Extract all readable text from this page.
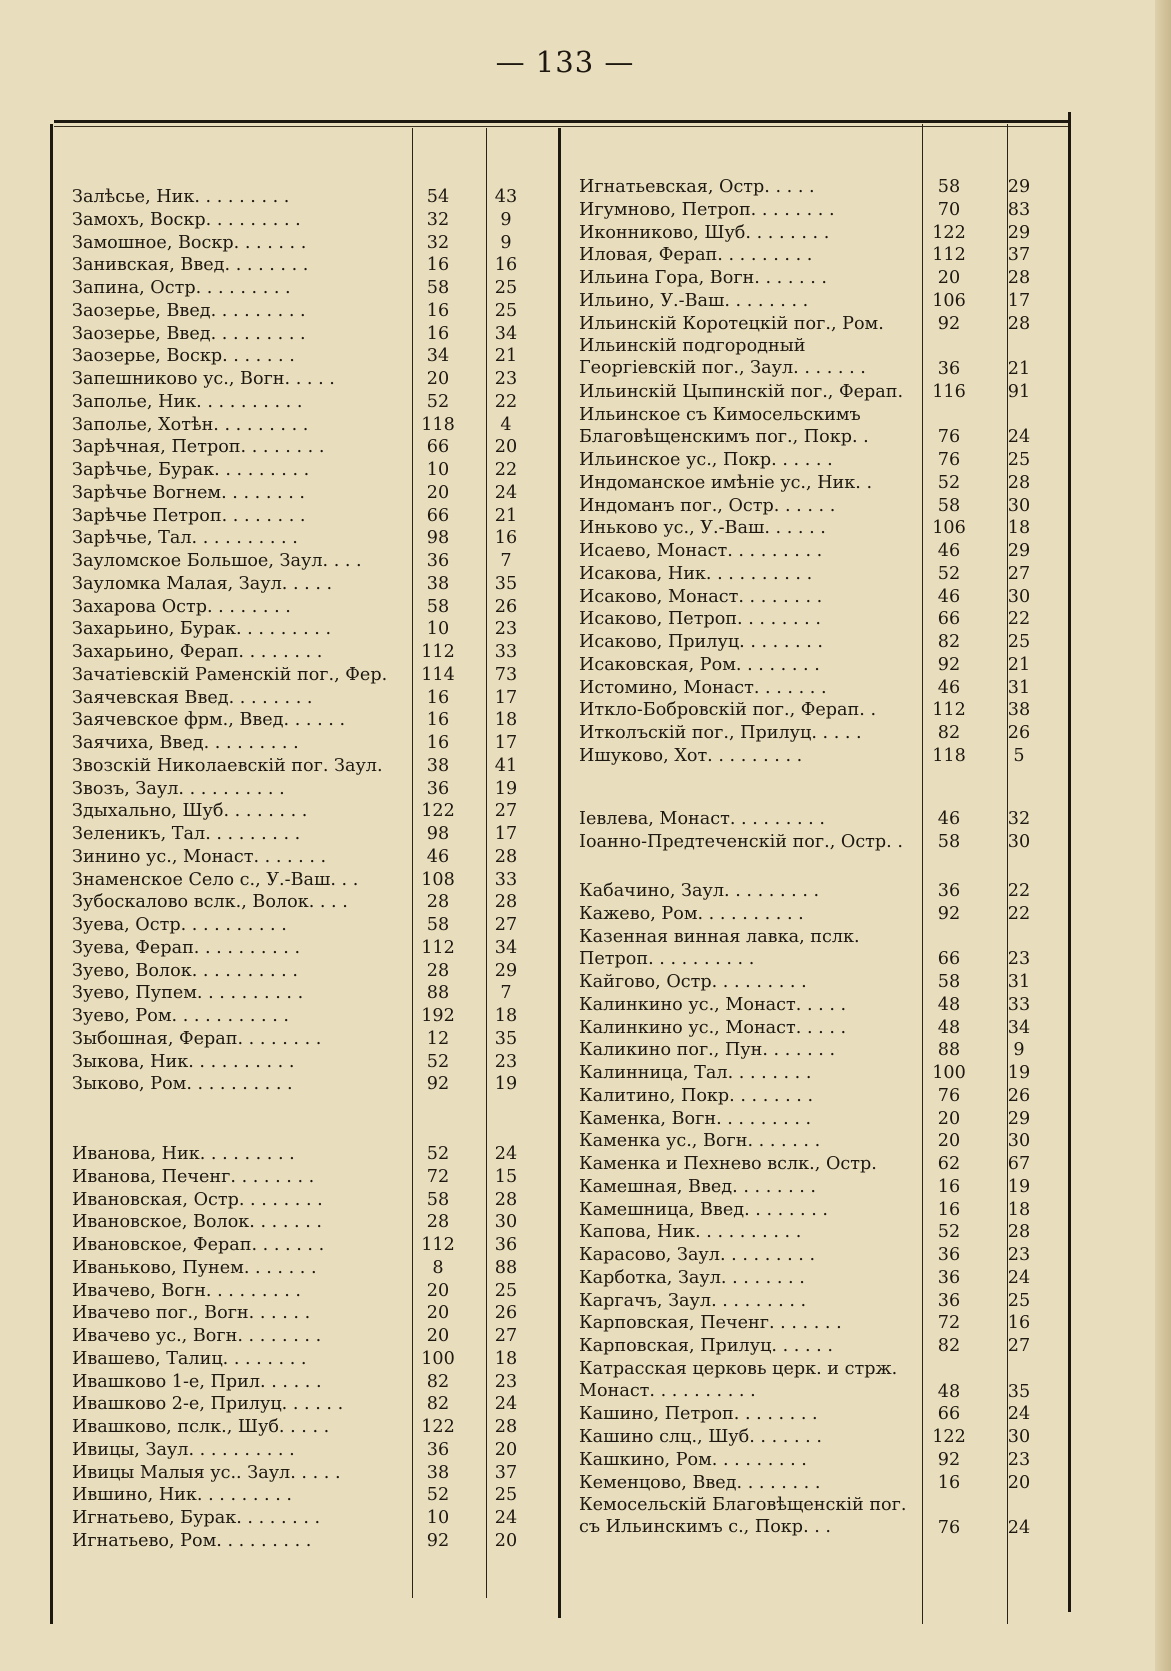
— 133 —
Залѣсье, Ник. . . . . . . . .	54	43
Замохъ, Воскр. . . . . . . . .	32	9
Замошное, Воскр. . . . . . .	32	9
Занивская, Введ. . . . . . . .	16	16
Запина, Остр. . . . . . . . .	58	25
Заозерье, Введ. . . . . . . . .	16	25
Заозерье, Введ. . . . . . . . .	16	34
Заозерье, Воскр. . . . . . .	34	21
Запешниково ус., Вогн. . . . .	20	23
Заполье, Ник. . . . . . . . . .	52	22
Заполье, Хотѣн. . . . . . . . .	118	4
Зарѣчная, Петроп. . . . . . . .	66	20
Зарѣчье, Бурак. . . . . . . . .	10	22
Зарѣчье Вогнем. . . . . . . .	20	24
Зарѣчье Петроп. . . . . . . .	66	21
Зарѣчье, Тал. . . . . . . . . .	98	16
Зауломское Большое, Заул. . . .	36	7
Зауломка Малая, Заул. . . . .	38	35
Захарова Остр. . . . . . . .	58	26
Захарьино, Бурак. . . . . . . . .	10	23
Захарьино, Ферап. . . . . . . .	112	33
Зачатіевскій Раменскій пог., Фер.	114	73
Заячевская Введ. . . . . . . .	16	17
Заячевское фрм., Введ. . . . . .	16	18
Заячиха, Введ. . . . . . . . .	16	17
Звозскій Николаевскій пог. Заул.	38	41
Звозъ, Заул. . . . . . . . . .	36	19
Здыхально, Шуб. . . . . . . .	122	27
Зеленикъ, Тал. . . . . . . . .	98	17
Зинино ус., Монаст. . . . . . .	46	28
Знаменское Село с., У.-Ваш. . .	108	33
Зубоскалово вслк., Волок. . . .	28	28
Зуева, Остр. . . . . . . . . .	58	27
Зуева, Ферап. . . . . . . . . .	112	34
Зуево, Волок. . . . . . . . . .	28	29
Зуево, Пупем. . . . . . . . . .	88	7
Зуево, Ром. . . . . . . . . . .	192	18
Зыбошная, Ферап. . . . . . . .	12	35
Зыкова, Ник. . . . . . . . . .	52	23
Зыково, Ром. . . . . . . . . .	92	19
Иванова, Ник. . . . . . . . .	52	24
Иванова, Печенг. . . . . . . .	72	15
Ивановская, Остр. . . . . . . .	58	28
Ивановское, Волок. . . . . . .	28	30
Ивановское, Ферап. . . . . . .	112	36
Иваньково, Пунем. . . . . . .	8	88
Ивачево, Вогн. . . . . . . . .	20	25
Ивачево пог., Вогн. . . . . .	20	26
Ивачево ус., Вогн. . . . . . . .	20	27
Ивашево, Талиц. . . . . . . .	100	18
Ивашково 1-е, Прил. . . . . .	82	23
Ивашково 2-е, Прилуц. . . . . .	82	24
Ивашково, пслк., Шуб. . . . .	122	28
Ивицы, Заул. . . . . . . . . .	36	20
Ивицы Малыя ус.. Заул. . . . .	38	37
Ившино, Ник. . . . . . . . .	52	25
Игнатьево, Бурак. . . . . . . .	10	24
Игнатьево, Ром. . . . . . . . .	92	20
Игнатьевская, Остр. . . . .	58	29
Игумново, Петроп. . . . . . . .	70	83
Иконниково, Шуб. . . . . . . .	122	29
Иловая, Ферап. . . . . . . . .	112	37
Ильина Гора, Вогн. . . . . . .	20	28
Ильино, У.-Ваш. . . . . . . .	106	17
Ильинскій Коротецкій пог., Ром.	92	28
Ильинскій подгородный Георгіевскій пог., Заул. . . . . . .	36	21
Ильинскій Цыпинскій пог., Ферап.	116	91
Ильинское съ Кимосельскимъ Благовѣщенскимъ пог., Покр. .	76	24
Ильинское ус., Покр. . . . . .	76	25
Индоманское имѣніе ус., Ник. .	52	28
Индоманъ пог., Остр. . . . . .	58	30
Иньково ус., У.-Ваш. . . . . .	106	18
Исаево, Монаст. . . . . . . . .	46	29
Исакова, Ник. . . . . . . . . .	52	27
Исаково, Монаст. . . . . . . .	46	30
Исаково, Петроп. . . . . . . .	66	22
Исаково, Прилуц. . . . . . . .	82	25
Исаковская, Ром. . . . . . . .	92	21
Истомино, Монаст. . . . . . .	46	31
Иткло-Бобровскій пог., Ферап. .	112	38
Итколъскій пог., Прилуц. . . . .	82	26
Ишуково, Хот. . . . . . . . .	118	5
Іевлева, Монаст. . . . . . . . .	46	32
Іоанно-Предтеченскій пог., Остр. .	58	30
Кабачино, Заул. . . . . . . . .	36	22
Кажево, Ром. . . . . . . . . .	92	22
Казенная винная лавка, пслк. Петроп. . . . . . . . . .	66	23
Кайгово, Остр. . . . . . . . .	58	31
Калинкино ус., Монаст. . . . .	48	33
Калинкино ус., Монаст. . . . .	48	34
Каликино пог., Пун. . . . . . .	88	9
Калинница, Тал. . . . . . . .	100	19
Калитино, Покр. . . . . . . .	76	26
Каменка, Вогн. . . . . . . . .	20	29
Каменка ус., Вогн. . . . . . .	20	30
Каменка и Пехнево вслк., Остр.	62	67
Камешная, Введ. . . . . . . .	16	19
Камешница, Введ. . . . . . . .	16	18
Капова, Ник. . . . . . . . . .	52	28
Карасово, Заул. . . . . . . . .	36	23
Карботка, Заул. . . . . . . .	36	24
Каргачъ, Заул. . . . . . . . .	36	25
Карповская, Печенг. . . . . . .	72	16
Карповская, Прилуц. . . . . .	82	27
Катрасская церковь церк. и стрж. Монаст. . . . . . . . . .	48	35
Кашино, Петроп. . . . . . . .	66	24
Кашино слц., Шуб. . . . . . .	122	30
Кашкино, Ром. . . . . . . . .	92	23
Кеменцово, Введ. . . . . . . .	16	20
Кемосельскій Благовѣщенскій пог. съ Ильинскимъ с., Покр. . .	76	24
